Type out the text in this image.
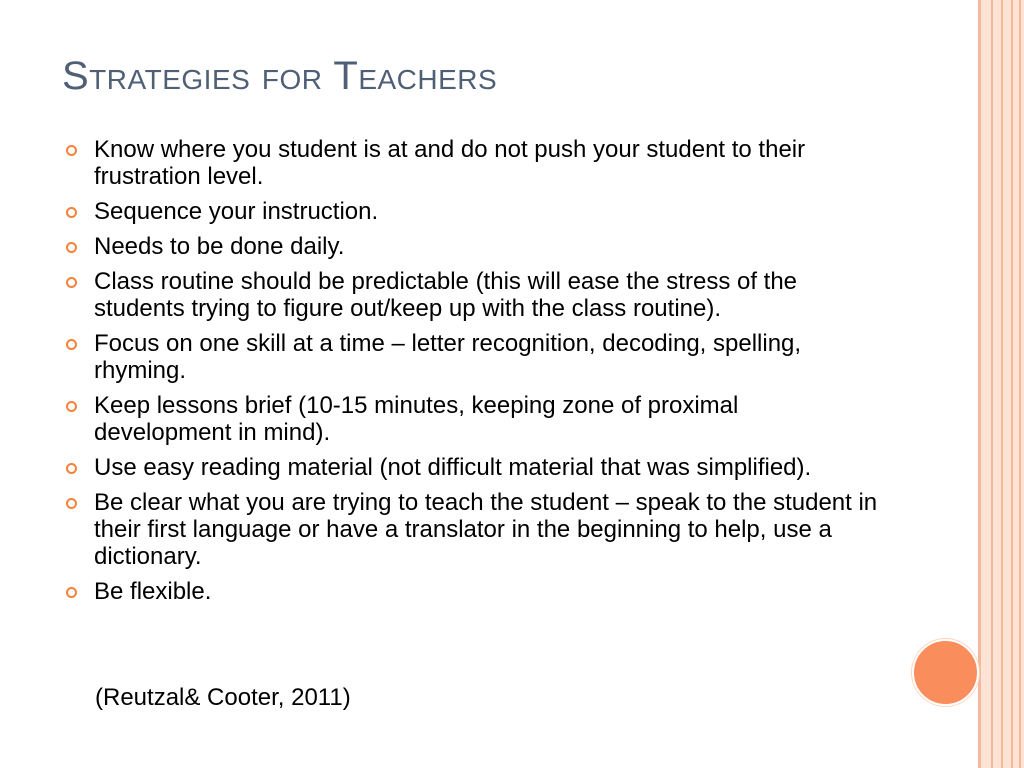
Strategies for Teachers
Know where you student is at and do not push your student to their frustration level.
Sequence your instruction.
Needs to be done daily.
Class routine should be predictable (this will ease the stress of the students trying to figure out/keep up with the class routine).
Focus on one skill at a time – letter recognition, decoding, spelling, rhyming.
Keep lessons brief (10-15 minutes, keeping zone of proximal development in mind).
Use easy reading material (not difficult material that was simplified).
Be clear what you are trying to teach the student – speak to the student in their first language or have a translator in the beginning to help, use a dictionary.
Be flexible.
(Reutzal& Cooter, 2011)
